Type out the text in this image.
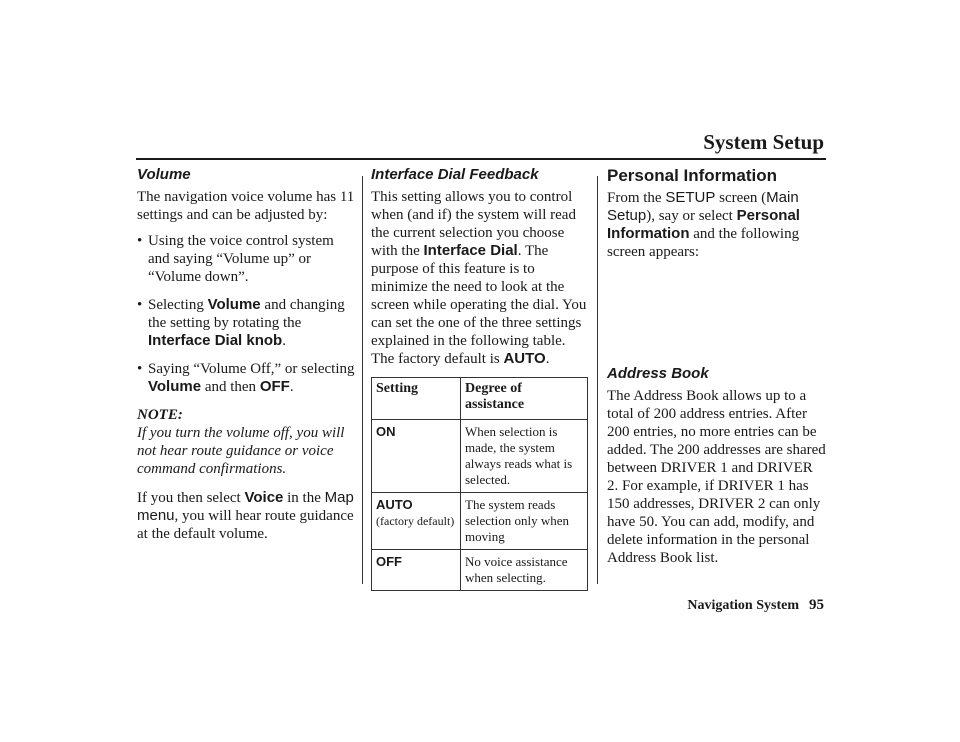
System Setup
Volume

The navigation voice volume has 11 settings and can be adjusted by:

• Using the voice control system and saying “Volume up” or “Volume down”.
• Selecting Volume and changing the setting by rotating the Interface Dial knob.
• Saying “Volume Off,” or selecting Volume and then OFF.

NOTE:

If you turn the volume off, you will not hear route guidance or voice command confirmations.

If you then select Voice in the Map menu, you will hear route guidance at the default volume.

Interface Dial Feedback

This setting allows you to control when (and if) the system will read the current selection you choose with the Interface Dial. The purpose of this feature is to minimize the need to look at the screen while operating the dial. You can set the one of the three settings explained in the following table. The factory default is AUTO.

Setting	Degree of assistance
ON	When selection is made, the system always reads what is selected.

AUTO
(factory default)	The system reads selection only when moving
OFF	No voice assistance when selecting.
Personal Information

From the SETUP screen (Main Setup), say or select Personal Information and the following screen appears:

Address Book

The Address Book allows up to a total of 200 address entries. After 200 entries, no more entries can be added. The 200 addresses are shared between DRIVER 1 and DRIVER 2. For example, if DRIVER 1 has 150 addresses, DRIVER 2 can only have 50. You can add, modify, and delete information in the personal Address Book list.

Navigation System 95
